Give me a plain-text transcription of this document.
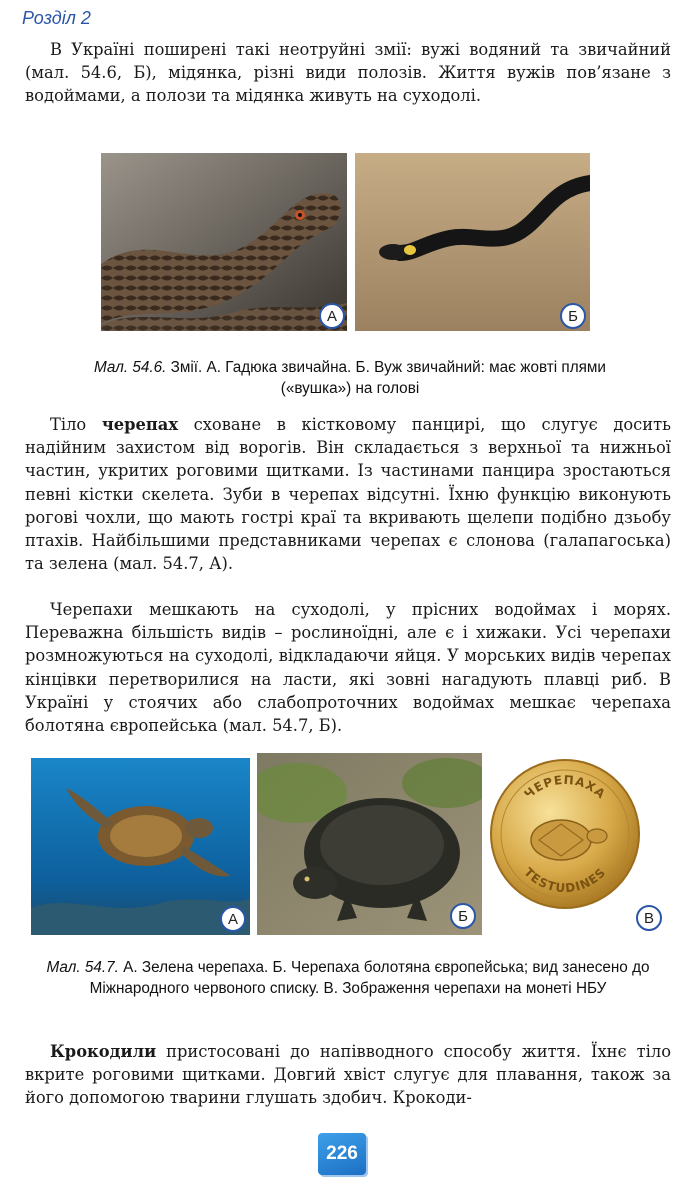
Розділ 2

В Україні поширені такі неотруйні змії: вужі водяний та звичайний (мал. 54.6, Б), мідянка, різні види полозів. Життя вужів пов’язане з водоймами, а полози та мідянка живуть на суходолі.

А	Б
Мал. 54.6. Змії. А. Гадюка звичайна. Б. Вуж звичайний: має жовті плями («вушка») на голові

Тіло черепах сховане в кістковому панцирі, що слугує досить надійним захистом від ворогів. Він складається з верхньої та нижньої частин, укритих роговими щитками. Із частинами панцира зростаються певні кістки скелета. Зуби в черепах відсутні. Їхню функцію виконують рогові чохли, що мають гострі краї та вкривають щелепи подібно дзьобу птахів. Найбільшими представниками черепах є слонова (галапагоська) та зелена (мал. 54.7, А).

Черепахи мешкають на суходолі, у прісних водоймах і морях. Переважна більшість видів – рослиноїдні, але є і хижаки. Усі черепахи розмножуються на суходолі, відкладаючи яйця. У морських видів черепах кінцівки перетворилися на ласти, які зовні нагадують плавці риб. В Україні у стоячих або слабопроточних водоймах мешкає черепаха болотяна європейська (мал. 54.7, Б).

А	Б
ЧЕРЕПАХА
TESTUDINES
В
Мал. 54.7. А. Зелена черепаха. Б. Черепаха болотяна європейська; вид занесено до Міжнародного червоного списку. В. Зображення черепахи на монеті НБУ

Крокодили пристосовані до напівводного способу життя. Їхнє тіло вкрите роговими щитками. Довгий хвіст слугує для плавання, також за його допомогою тварини глушать здобич. Крокоди-

226
